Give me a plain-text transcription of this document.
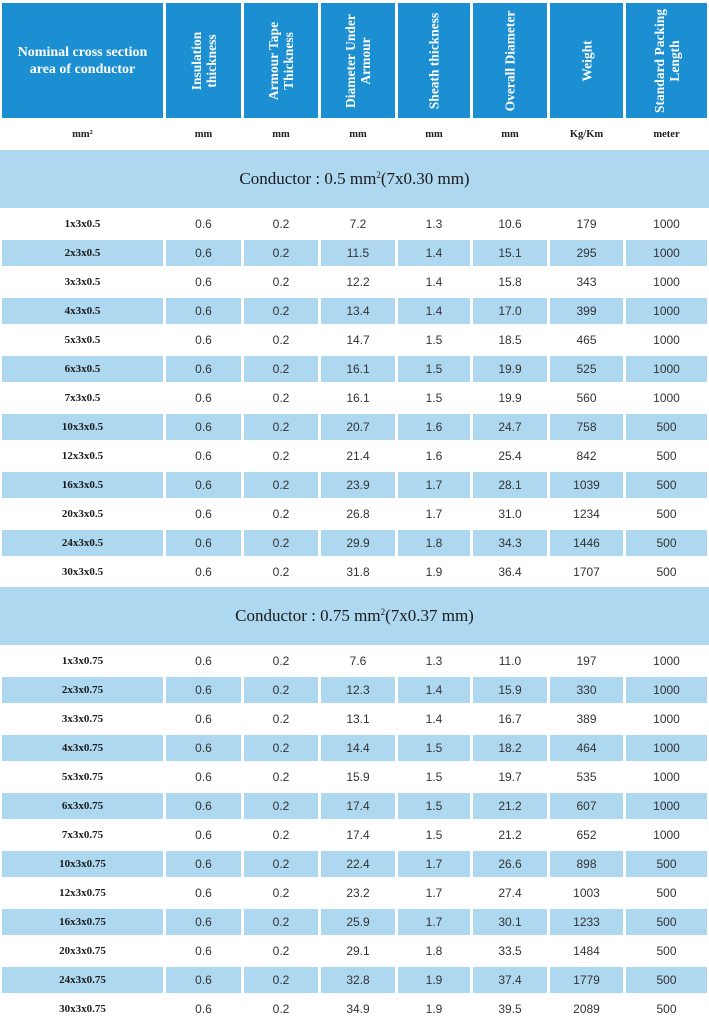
Nominal cross section area of conductor	Insulation thickness	Armour Tape Thickness	Diameter Under Armour	Sheath thickness	Overall Diameter	Weight	Standard Packing Length
mm²	mm	mm	mm	mm	mm	Kg/Km	meter
Conductor : 0.5 $mm^2$ (7x0.30 mm)
1x3x0.5	0.6	0.2	7.2	1.3	10.6	179	1000
2x3x0.5	0.6	0.2	11.5	1.4	15.1	295	1000
3x3x0.5	0.6	0.2	12.2	1.4	15.8	343	1000
4x3x0.5	0.6	0.2	13.4	1.4	17.0	399	1000
5x3x0.5	0.6	0.2	14.7	1.5	18.5	465	1000
6x3x0.5	0.6	0.2	16.1	1.5	19.9	525	1000
7x3x0.5	0.6	0.2	16.1	1.5	19.9	560	1000
10x3x0.5	0.6	0.2	20.7	1.6	24.7	758	500
12x3x0.5	0.6	0.2	21.4	1.6	25.4	842	500
16x3x0.5	0.6	0.2	23.9	1.7	28.1	1039	500
20x3x0.5	0.6	0.2	26.8	1.7	31.0	1234	500
24x3x0.5	0.6	0.2	29.9	1.8	34.3	1446	500
30x3x0.5	0.6	0.2	31.8	1.9	36.4	1707	500
Conductor : 0.75 $mm^2$ (7x0.37 mm)
1x3x0.75	0.6	0.2	7.6	1.3	11.0	197	1000
2x3x0.75	0.6	0.2	12.3	1.4	15.9	330	1000
3x3x0.75	0.6	0.2	13.1	1.4	16.7	389	1000
4x3x0.75	0.6	0.2	14.4	1.5	18.2	464	1000
5x3x0.75	0.6	0.2	15.9	1.5	19.7	535	1000
6x3x0.75	0.6	0.2	17.4	1.5	21.2	607	1000
7x3x0.75	0.6	0.2	17.4	1.5	21.2	652	1000
10x3x0.75	0.6	0.2	22.4	1.7	26.6	898	500
12x3x0.75	0.6	0.2	23.2	1.7	27.4	1003	500
16x3x0.75	0.6	0.2	25.9	1.7	30.1	1233	500
20x3x0.75	0.6	0.2	29.1	1.8	33.5	1484	500
24x3x0.75	0.6	0.2	32.8	1.9	37.4	1779	500
30x3x0.75	0.6	0.2	34.9	1.9	39.5	2089	500
